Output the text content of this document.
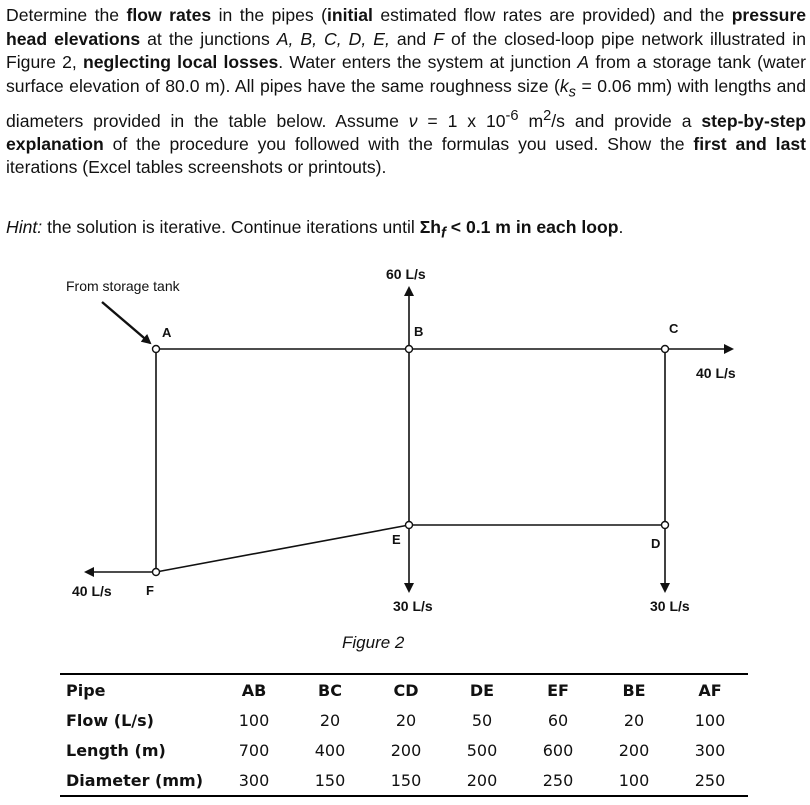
Determine the flow rates in the pipes (initial estimated flow rates are provided) and the pressure head elevations at the junctions A, B, C, D, E, and F of the closed-loop pipe network illustrated in Figure 2, neglecting local losses. Water enters the system at junction A from a storage tank (water surface elevation of 80.0 m). All pipes have the same roughness size ($k_s = 0.06$ mm) with lengths and diameters provided in the table below. Assume ν = 1 x $10^{-6}$ $m^2/s$ and provide a step-by-step explanation of the procedure you followed with the formulas you used. Show the first and last iterations (Excel tables screenshots or printouts).
Hint: the solution is iterative. Continue iterations until $\Sigma h_f < 0.1$ m in each loop.
From storage tank
60 L/s
40 L/s
30 L/s	30 L/s
40 L/s
A	B	C
D
E
F
Figure 2
Pipe	AB	BC	CD	DE	EF	BE	AF
Flow (L/s)	100	20	20	50	60	20	100
Length (m)	700	400	200	500	600	200	300
Diameter (mm)	300	150	150	200	250	100	250
